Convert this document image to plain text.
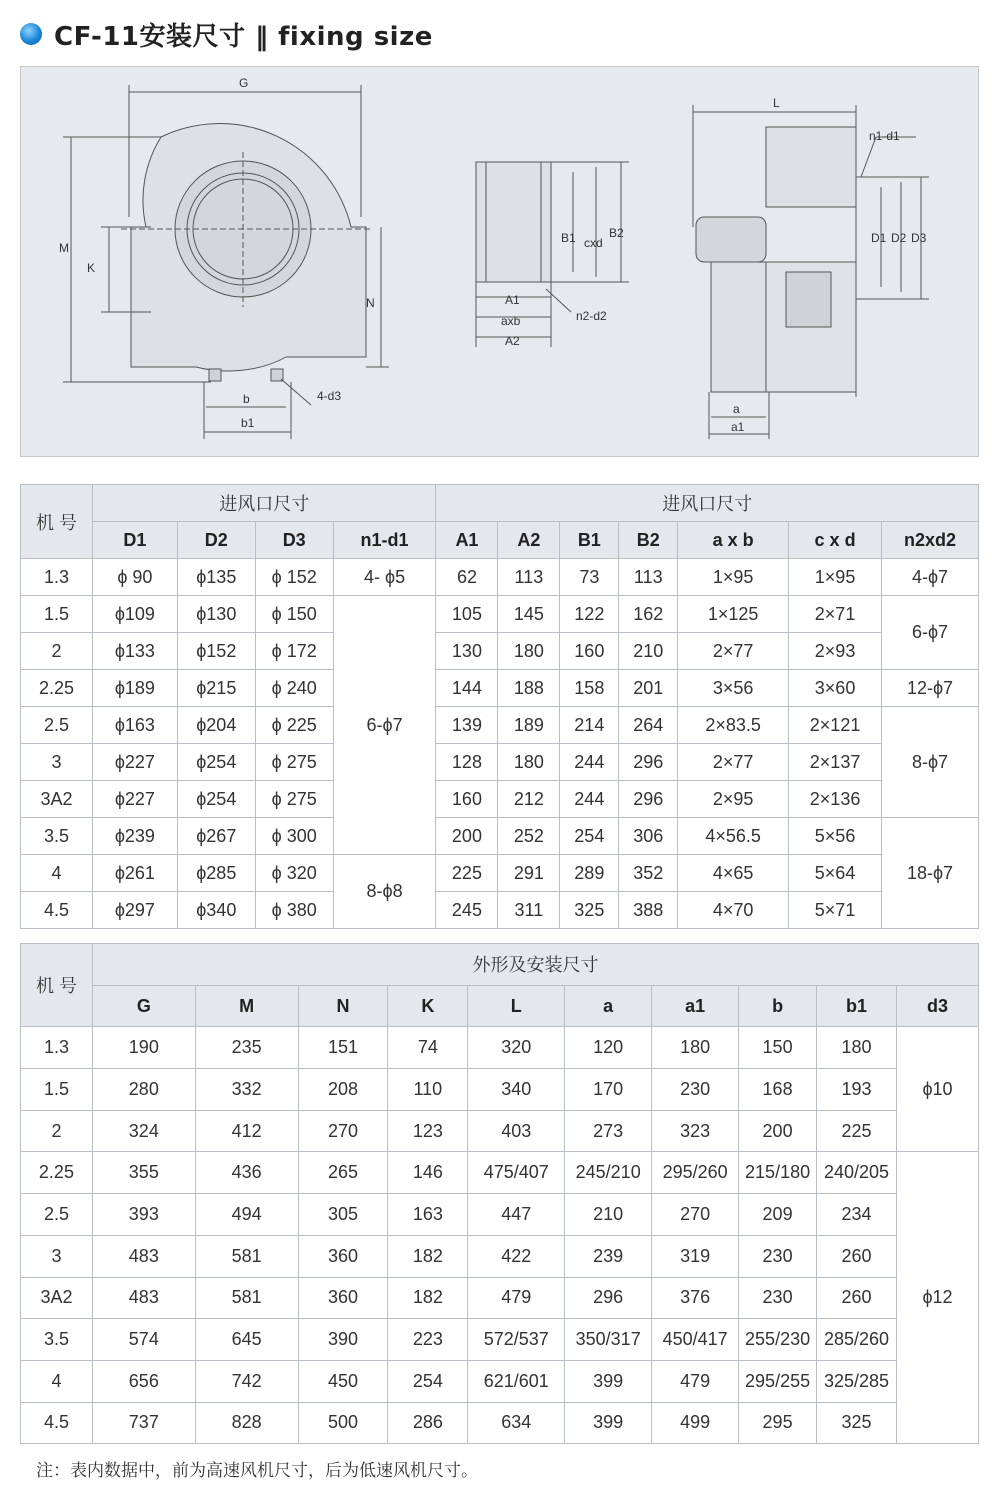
CF-11安装尺寸 ‖ fixing size
G
M
K
N
b
b1
4-d3
A1
axb
A2
B1 cxd
B2
n2-d2
L
n1-d1
D1 D2 D3
a
a1
机 号	进风口尺寸				进风口尺寸						
	D1	D2	D3	n1-d1	A1	A2	B1	B2	a x b	c x d	n2xd2
1.3	ϕ 90	ϕ135	ϕ 152	4- ϕ5	62	113	73	113	1×95	1×95	4-ϕ7
1.5	ϕ109	ϕ130	ϕ 150	6-ϕ7	105	145	122	162	1×125	2×71	6-ϕ7
2	ϕ133	ϕ152	ϕ 172		130	180	160	210	2×77	2×93	
2.25	ϕ189	ϕ215	ϕ 240		144	188	158	201	3×56	3×60	12-ϕ7
2.5	ϕ163	ϕ204	ϕ 225		139	189	214	264	2×83.5	2×121	8-ϕ7
3	ϕ227	ϕ254	ϕ 275		128	180	244	296	2×77	2×137	
3A2	ϕ227	ϕ254	ϕ 275		160	212	244	296	2×95	2×136	
3.5	ϕ239	ϕ267	ϕ 300		200	252	254	306	4×56.5	5×56	18-ϕ7
4	ϕ261	ϕ285	ϕ 320	8-ϕ8	225	291	289	352	4×65	5×64	
4.5	ϕ297	ϕ340	ϕ 380		245	311	325	388	4×70	5×71	
机 号	外形及安装尺寸									
	G	M	N	K	L	a	a1	b	b1	d3
1.3	190	235	151	74	320	120	180	150	180	ϕ10
1.5	280	332	208	110	340	170	230	168	193	
2	324	412	270	123	403	273	323	200	225	
2.25	355	436	265	146	475/407	245/210	295/260	215/180	240/205	ϕ12
2.5	393	494	305	163	447	210	270	209	234	
3	483	581	360	182	422	239	319	230	260	
3A2	483	581	360	182	479	296	376	230	260	
3.5	574	645	390	223	572/537	350/317	450/417	255/230	285/260	
4	656	742	450	254	621/601	399	479	295/255	325/285	
4.5	737	828	500	286	634	399	499	295	325	
注：表内数据中，前为高速风机尺寸，后为低速风机尺寸。
